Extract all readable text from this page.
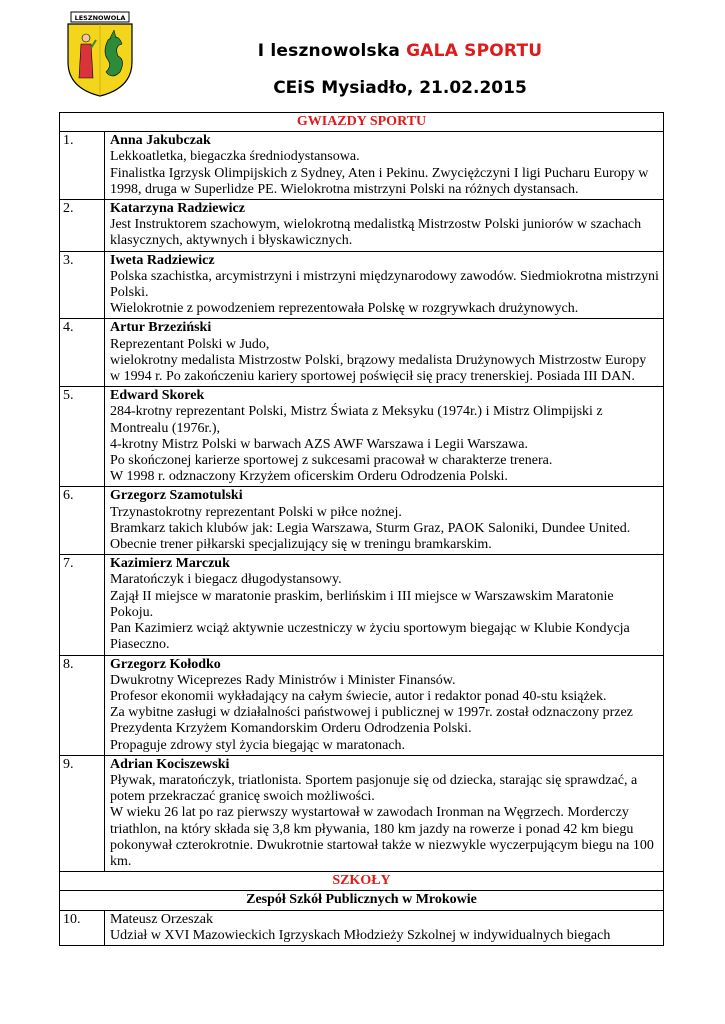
LESZNOWOLA
I lesznowolska GALA SPORTU
CEiS Mysiadło, 21.02.2015
GWIAZDY SPORTU	
1.	Anna Jakubczak
Lekkoatletka, biegaczka średniodystansowa.
Finalistka Igrzysk Olimpijskich z Sydney, Aten i Pekinu. Zwyciężczyni I ligi Pucharu Europy w 1998, druga w Superlidze PE. Wielokrotna mistrzyni Polski na różnych dystansach.

2.	Katarzyna Radziewicz
Jest Instruktorem szachowym, wielokrotną medalistką Mistrzostw Polski juniorów w szachach klasycznych, aktywnych i błyskawicznych.

3.	Iweta Radziewicz
Polska szachistka, arcymistrzyni i mistrzyni międzynarodowy zawodów. Siedmiokrotna mistrzyni Polski.
Wielokrotnie z powodzeniem reprezentowała Polskę w rozgrywkach drużynowych.

4.	Artur Brzeziński
Reprezentant Polski w Judo,
wielokrotny medalista Mistrzostw Polski, brązowy medalista Drużynowych Mistrzostw Europy w 1994 r. Po zakończeniu kariery sportowej poświęcił się pracy trenerskiej. Posiada III DAN.

5.	Edward Skorek
284-krotny reprezentant Polski, Mistrz Świata z Meksyku (1974r.) i Mistrz Olimpijski z Montrealu (1976r.),
4-krotny Mistrz Polski w barwach AZS AWF Warszawa i Legii Warszawa.
Po skończonej karierze sportowej z sukcesami pracował w charakterze trenera.
W 1998 r. odznaczony Krzyżem oficerskim Orderu Odrodzenia Polski.

6.	Grzegorz Szamotulski
Trzynastokrotny reprezentant Polski w piłce nożnej.
Bramkarz takich klubów jak: Legia Warszawa, Sturm Graz, PAOK Saloniki, Dundee United.
Obecnie trener piłkarski specjalizujący się w treningu bramkarskim.

7.	Kazimierz Marczuk
Maratończyk i biegacz długodystansowy.
Zajął II miejsce w maratonie praskim, berlińskim i III miejsce w Warszawskim Maratonie Pokoju.
Pan Kazimierz wciąż aktywnie uczestniczy w życiu sportowym biegając w Klubie Kondycja Piaseczno.

8.	Grzegorz Kołodko
Dwukrotny Wiceprezes Rady Ministrów i Minister Finansów.
Profesor ekonomii wykładający na całym świecie, autor i redaktor ponad 40-stu książek.
Za wybitne zasługi w działalności państwowej i publicznej w 1997r. został odznaczony przez Prezydenta Krzyżem Komandorskim Orderu Odrodzenia Polski.
Propaguje zdrowy styl życia biegając w maratonach.

9.	Adrian Kociszewski
Pływak, maratończyk, triatlonista. Sportem pasjonuje się od dziecka, starając się sprawdzać, a potem przekraczać granicę swoich możliwości.
W wieku 26 lat po raz pierwszy wystartował w zawodach Ironman na Węgrzech. Morderczy triathlon, na który składa się 3,8 km pływania, 180 km jazdy na rowerze i ponad 42 km biegu pokonywał czterokrotnie. Dwukrotnie startował także w niezwykle wyczerpującym biegu na 100 km.

SZKOŁY	
Zespół Szkół Publicznych w Mrokowie	
10.	Mateusz Orzeszak
Udział w XVI Mazowieckich Igrzyskach Młodzieży Szkolnej w indywidualnych biegach
